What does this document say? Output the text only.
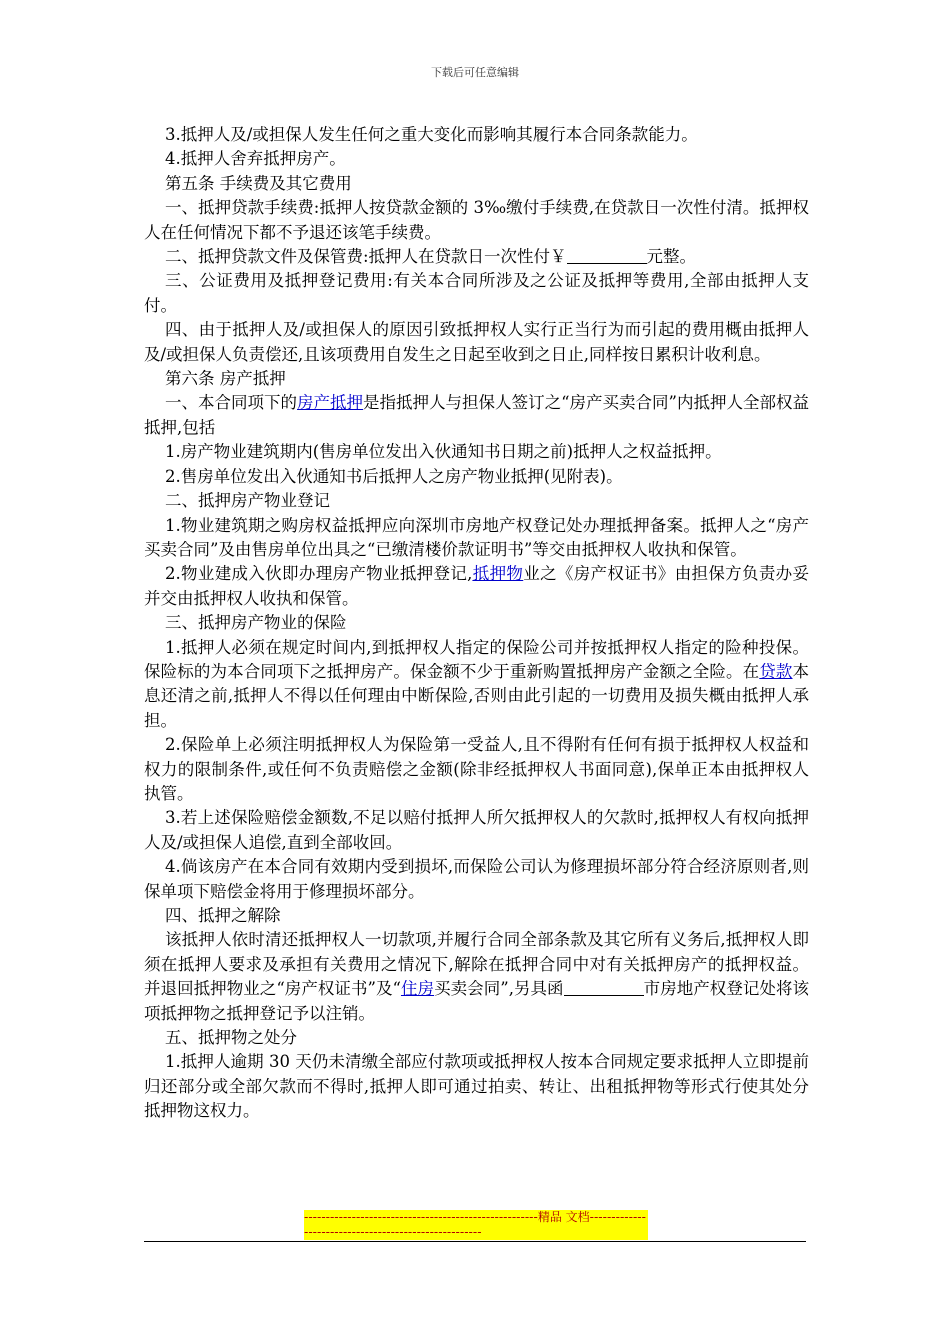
下载后可任意编辑

3.抵押人及/或担保人发生任何之重大变化而影响其履行本合同条款能力。

4.抵押人舍弃抵押房产。

第五条 手续费及其它费用

一、抵押贷款手续费:抵押人按贷款金额的 3‰缴付手续费,在贷款日一次性付清。抵押权人在任何情况下都不予退还该笔手续费。

二、抵押贷款文件及保管费:抵押人在贷款日一次性付￥	元整。

三、公证费用及抵押登记费用:有关本合同所涉及之公证及抵押等费用,全部由抵押人支付。

四、由于抵押人及/或担保人的原因引致抵押权人实行正当行为而引起的费用概由抵押人及/或担保人负责偿还,且该项费用自发生之日起至收到之日止,同样按日累积计收利息。

第六条 房产抵押

一、本合同项下的房产抵押是指抵押人与担保人签订之“房产买卖合同”内抵押人全部权益抵押,包括

1.房产物业建筑期内(售房单位发出入伙通知书日期之前)抵押人之权益抵押。

2.售房单位发出入伙通知书后抵押人之房产物业抵押(见附表)。

二、抵押房产物业登记

1.物业建筑期之购房权益抵押应向深圳市房地产权登记处办理抵押备案。抵押人之“房产买卖合同”及由售房单位出具之“已缴清楼价款证明书”等交由抵押权人收执和保管。

2.物业建成入伙即办理房产物业抵押登记,抵押物业之《房产权证书》由担保方负责办妥并交由抵押权人收执和保管。

三、抵押房产物业的保险

1.抵押人必须在规定时间内,到抵押权人指定的保险公司并按抵押权人指定的险种投保。保险标的为本合同项下之抵押房产。保金额不少于重新购置抵押房产金额之全险。在贷款本息还清之前,抵押人不得以任何理由中断保险,否则由此引起的一切费用及损失概由抵押人承担。

2.保险单上必须注明抵押权人为保险第一受益人,且不得附有任何有损于抵押权人权益和权力的限制条件,或任何不负责赔偿之金额(除非经抵押权人书面同意),保单正本由抵押权人执管。

3.若上述保险赔偿金额数,不足以赔付抵押人所欠抵押权人的欠款时,抵押权人有权向抵押人及/或担保人追偿,直到全部收回。

4.倘该房产在本合同有效期内受到损坏,而保险公司认为修理损坏部分符合经济原则者,则保单项下赔偿金将用于修理损坏部分。

四、抵押之解除

该抵押人依时清还抵押权人一切款项,并履行合同全部条款及其它所有义务后,抵押权人即须在抵押人要求及承担有关费用之情况下,解除在抵押合同中对有关抵押房产的抵押权益。并退回抵押物业之“房产权证书”及“住房买卖会同”,另具函	市房地产权登记处将该项抵押物之抵押登记予以注销。

五、抵押物之处分

1.抵押人逾期 30 天仍未清缴全部应付款项或抵押权人按本合同规定要求抵押人立即提前归还部分或全部欠款而不得时,抵押人即可通过拍卖、转让、出租抵押物等形式行使其处分抵押物这权力。

------------------------------------------------------精品 文档------------------------------------------------------
